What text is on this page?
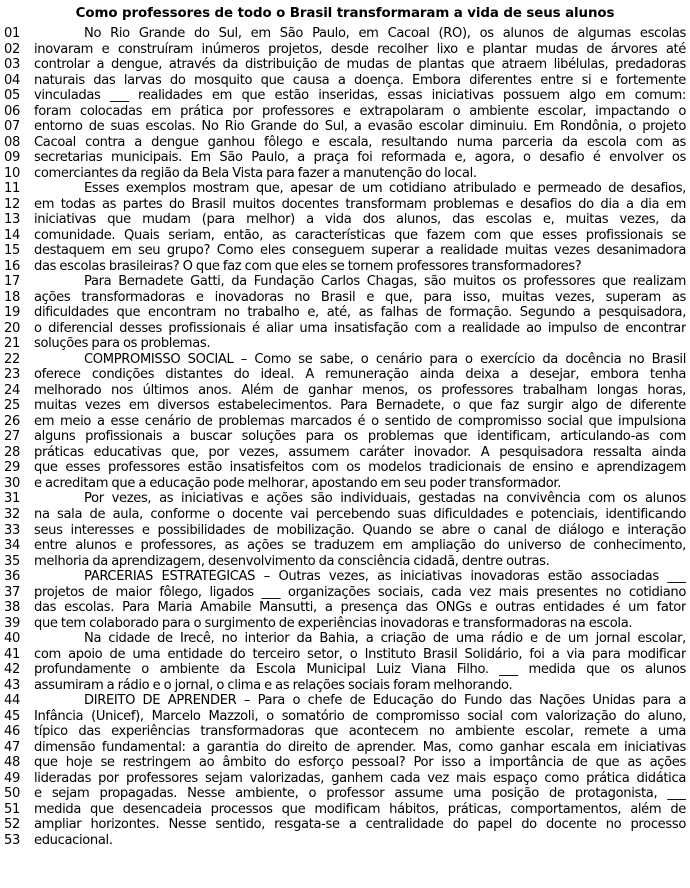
Como professores de todo o Brasil transformaram a vida de seus alunos
01	No Rio Grande do Sul, em São Paulo, em Cacoal (RO), os alunos de algumas escolas
02	inovaram e construíram inúmeros projetos, desde recolher lixo e plantar mudas de árvores até
03	controlar a dengue, através da distribuição de mudas de plantas que atraem libélulas, predadoras
04	naturais das larvas do mosquito que causa a doença. Embora diferentes entre si e fortemente
05	vinculadas ___ realidades em que estão inseridas, essas iniciativas possuem algo em comum:
06	foram colocadas em prática por professores e extrapolaram o ambiente escolar, impactando o
07	entorno de suas escolas. No Rio Grande do Sul, a evasão escolar diminuiu. Em Rondônia, o projeto
08	Cacoal contra a dengue ganhou fôlego e escala, resultando numa parceria da escola com as
09	secretarias municipais. Em São Paulo, a praça foi reformada e, agora, o desafio é envolver os
10	comerciantes da região da Bela Vista para fazer a manutenção do local.
11	Esses exemplos mostram que, apesar de um cotidiano atribulado e permeado de desafios,
12	em todas as partes do Brasil muitos docentes transformam problemas e desafios do dia a dia em
13	iniciativas que mudam (para melhor) a vida dos alunos, das escolas e, muitas vezes, da
14	comunidade. Quais seriam, então, as características que fazem com que esses profissionais se
15	destaquem em seu grupo? Como eles conseguem superar a realidade muitas vezes desanimadora
16	das escolas brasileiras? O que faz com que eles se tornem professores transformadores?
17	Para Bernadete Gatti, da Fundação Carlos Chagas, são muitos os professores que realizam
18	ações transformadoras e inovadoras no Brasil e que, para isso, muitas vezes, superam as
19	dificuldades que encontram no trabalho e, até, as falhas de formação. Segundo a pesquisadora,
20	o diferencial desses profissionais é aliar uma insatisfação com a realidade ao impulso de encontrar
21	soluções para os problemas.
22	COMPROMISSO SOCIAL – Como se sabe, o cenário para o exercício da docência no Brasil
23	oferece condições distantes do ideal. A remuneração ainda deixa a desejar, embora tenha
24	melhorado nos últimos anos. Além de ganhar menos, os professores trabalham longas horas,
25	muitas vezes em diversos estabelecimentos. Para Bernadete, o que faz surgir algo de diferente
26	em meio a esse cenário de problemas marcados é o sentido de compromisso social que impulsiona
27	alguns profissionais a buscar soluções para os problemas que identificam, articulando-as com
28	práticas educativas que, por vezes, assumem caráter inovador. A pesquisadora ressalta ainda
29	que esses professores estão insatisfeitos com os modelos tradicionais de ensino e aprendizagem
30	e acreditam que a educação pode melhorar, apostando em seu poder transformador.
31	Por vezes, as iniciativas e ações são individuais, gestadas na convivência com os alunos
32	na sala de aula, conforme o docente vai percebendo suas dificuldades e potenciais, identificando
33	seus interesses e possibilidades de mobilização. Quando se abre o canal de diálogo e interação
34	entre alunos e professores, as ações se traduzem em ampliação do universo de conhecimento,
35	melhoria da aprendizagem, desenvolvimento da consciência cidadã, dentre outras.
36	PARCERIAS ESTRATÉGICAS – Outras vezes, as iniciativas inovadoras estão associadas ___
37	projetos de maior fôlego, ligados ___ organizações sociais, cada vez mais presentes no cotidiano
38	das escolas. Para Maria Amabile Mansutti, a presença das ONGs e outras entidades é um fator
39	que tem colaborado para o surgimento de experiências inovadoras e transformadoras na escola.
40	Na cidade de Irecê, no interior da Bahia, a criação de uma rádio e de um jornal escolar,
41	com apoio de uma entidade do terceiro setor, o Instituto Brasil Solidário, foi a via para modificar
42	profundamente o ambiente da Escola Municipal Luiz Viana Filho. ___ medida que os alunos
43	assumiram a rádio e o jornal, o clima e as relações sociais foram melhorando.
44	DIREITO DE APRENDER – Para o chefe de Educação do Fundo das Nações Unidas para a
45	Infância (Unicef), Marcelo Mazzoli, o somatório de compromisso social com valorização do aluno,
46	típico das experiências transformadoras que acontecem no ambiente escolar, remete a uma
47	dimensão fundamental: a garantia do direito de aprender. Mas, como ganhar escala em iniciativas
48	que hoje se restringem ao âmbito do esforço pessoal? Por isso a importância de que as ações
49	lideradas por professores sejam valorizadas, ganhem cada vez mais espaço como prática didática
50	e sejam propagadas. Nesse ambiente, o professor assume uma posição de protagonista, ___
51	medida que desencadeia processos que modificam hábitos, práticas, comportamentos, além de
52	ampliar horizontes. Nesse sentido, resgata-se a centralidade do papel do docente no processo
53	educacional.
